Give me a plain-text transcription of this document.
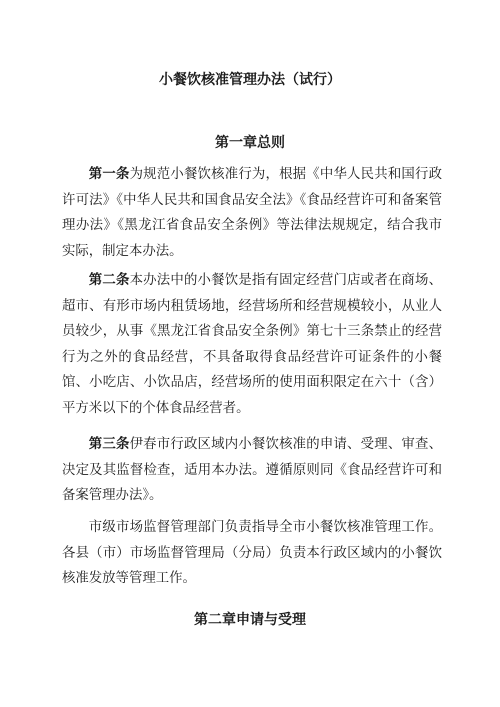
小餐饮核准管理办法（试行）
第一章总则

第一条为规范小餐饮核准行为，根据《中华人民共和国行政许可法》《中华人民共和国食品安全法》《食品经营许可和备案管理办法》《黑龙江省食品安全条例》等法律法规规定，结合我市实际，制定本办法。

第二条本办法中的小餐饮是指有固定经营门店或者在商场、超市、有形市场内租赁场地，经营场所和经营规模较小，从业人员较少，从事《黑龙江省食品安全条例》第七十三条禁止的经营行为之外的食品经营，不具备取得食品经营许可证条件的小餐馆、小吃店、小饮品店，经营场所的使用面积限定在六十（含）平方米以下的个体食品经营者。

第三条伊春市行政区域内小餐饮核准的申请、受理、审查、决定及其监督检查，适用本办法。遵循原则同《食品经营许可和备案管理办法》。

市级市场监督管理部门负责指导全市小餐饮核准管理工作。各县（市）市场监督管理局（分局）负责本行政区域内的小餐饮核准发放等管理工作。

第二章申请与受理
